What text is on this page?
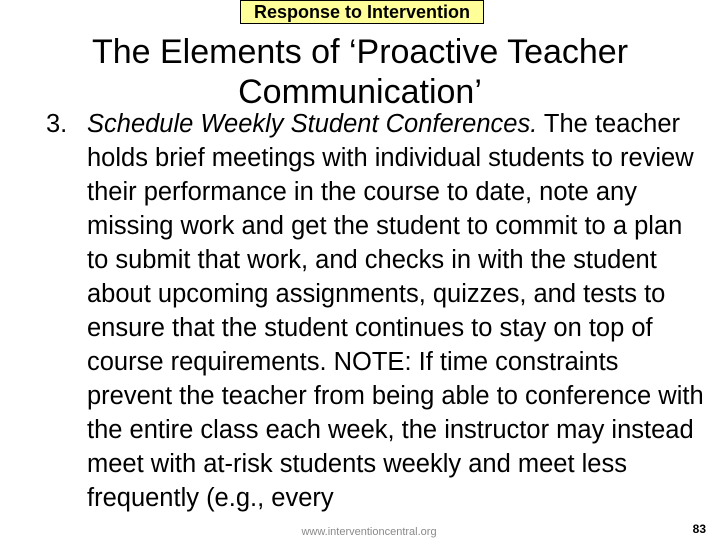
Response to Intervention
The Elements of ‘Proactive Teacher Communication’
3. Schedule Weekly Student Conferences. The teacher holds brief meetings with individual students to review their performance in the course to date, note any missing work and get the student to commit to a plan to submit that work, and checks in with the student about upcoming assignments, quizzes, and tests to ensure that the student continues to stay on top of course requirements. NOTE: If time constraints prevent the teacher from being able to conference with the entire class each week, the instructor may instead meet with at-risk students weekly and meet less frequently (e.g., every
www.interventioncentral.org	83
